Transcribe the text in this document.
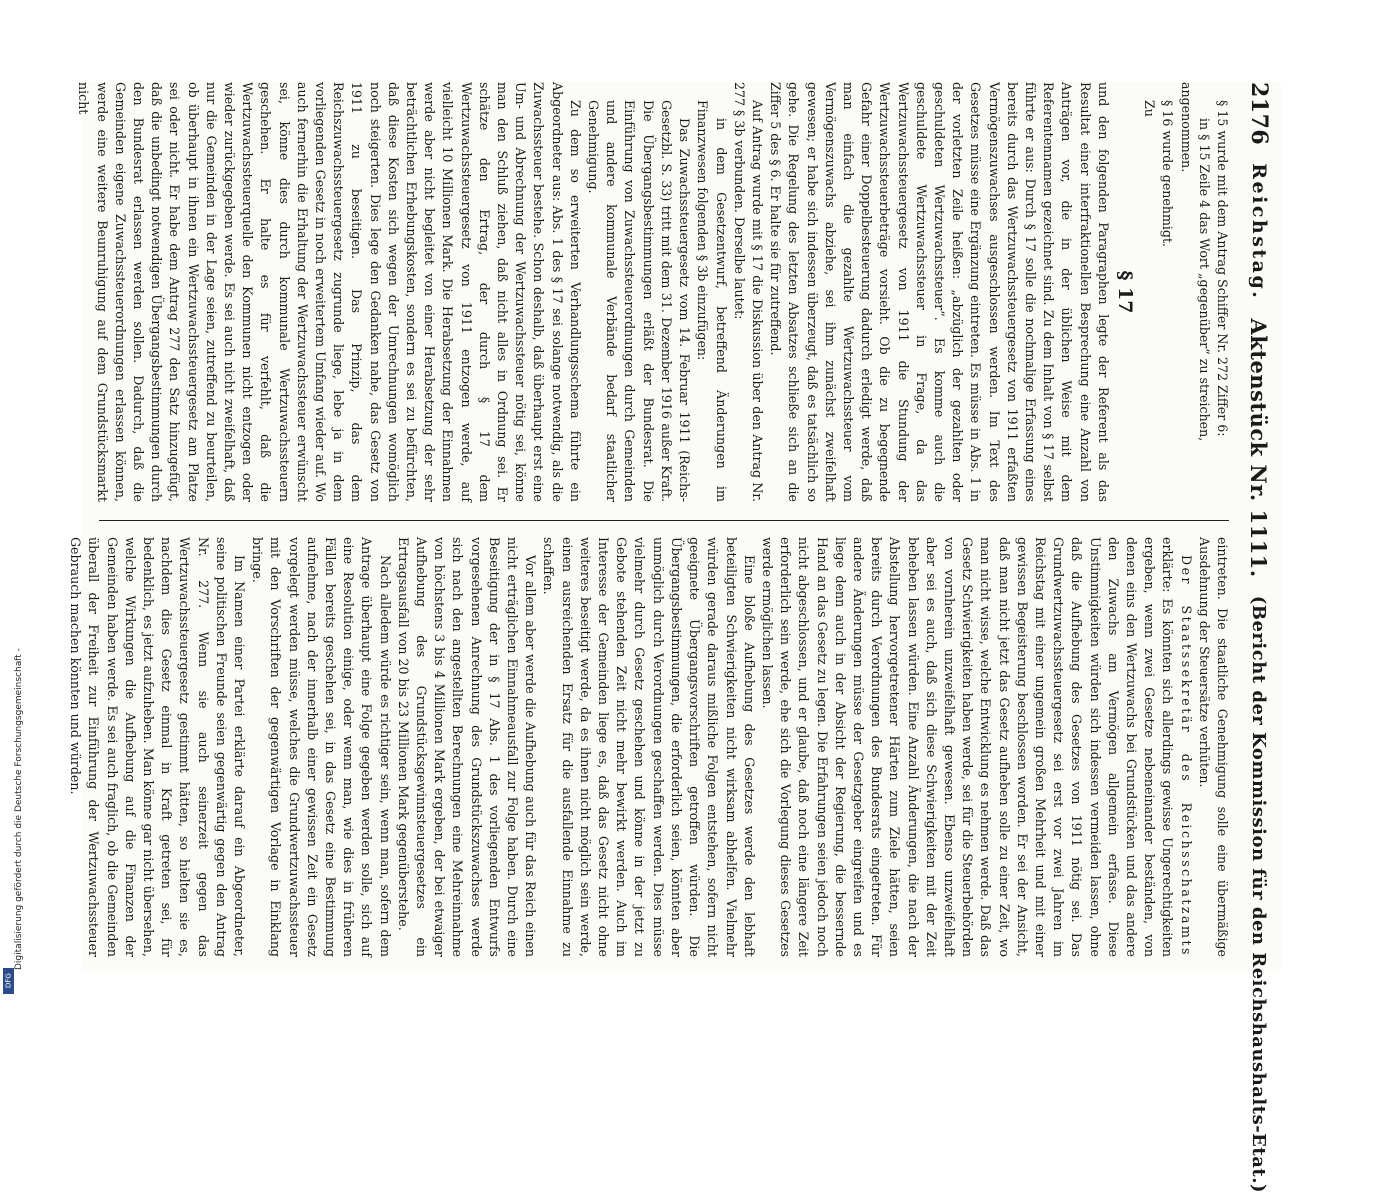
2176
Reichstag.
Aktenstück Nr. 1111.
(Bericht der Kommission für den Reichshaushalts-Etat.)

§ 15 wurde mit dem Antrag Schiffer Nr. 272 Ziffer 6:

in § 15 Zeile 4 das Wort „gegenüber“ zu streichen,

angenommen.

§ 16 wurde genehmigt.

Zu

§ 17

und den folgenden Paragraphen legte der Referent als das Resultat einer interfraktionellen Besprechung eine Anzahl von Anträgen vor, die in der üblichen Weise mit dem Referentennamen gezeichnet sind. Zu dem Inhalt von § 17 selbst führte er aus: Durch § 17 solle die nochmalige Erfassung eines bereits durch das Wertzuwachssteuergesetz von 1911 erfaßten Vermögenszuwachses ausgeschlossen werden. Im Text des Gesetzes müsse eine Ergänzung eintreten. Es müsse in Abs. 1 in der vorletzten Zeile heißen: „abzüglich der gezahlten oder geschuldeten Wertzuwachssteuer“. Es komme auch die geschuldete Wertzuwachssteuer in Frage, da das Wertzuwachssteuergesetz von 1911 die Stundung der Wertzuwachssteuerbeträge vorsieht. Ob die zu begegnende Gefahr einer Doppelbesteuerung dadurch erledigt werde, daß man einfach die gezahlte Wertzuwachssteuer vom Vermögenszuwachs abziehe, sei ihm zunächst zweifelhaft gewesen; er habe sich indessen überzeugt, daß es tatsächlich so gehe. Die Regelung des letzten Absatzes schließe sich an die Ziffer 5 des § 6. Er halte sie für zutreffend.

Auf Antrag wurde mit § 17 die Diskussion über den Antrag Nr. 277 § 3b verbunden. Derselbe lautet:

in dem Gesetzentwurf, betreffend Änderungen im Finanzwesen folgenden § 3b einzufügen:

Das Zuwachssteuergesetz vom 14. Februar 1911 (Reichs-Gesetzbl. S. 33) tritt mit dem 31. Dezember 1916 außer Kraft. Die Übergangsbestimmungen erläßt der Bundesrat. Die Einführung von Zuwachssteuerordnungen durch Gemeinden und andere kommunale Verbände bedarf staatlicher Genehmigung.

Zu dem so erweiterten Verhandlungsschema führte ein Abgeordneter aus: Abs. 1 des § 17 sei solange notwendig, als die Zuwachssteuer bestehe. Schon deshalb, daß überhaupt erst eine Um- und Abrechnung der Wertzuwachssteuer nötig sei, könne man den Schluß ziehen, daß nicht alles in Ordnung sei. Er schätze den Ertrag, der durch § 17 dem Wertzuwachssteuergesetz von 1911 entzogen werde, auf vielleicht 10 Millionen Mark. Die Herabsetzung der Einnahmen werde aber nicht begleitet von einer Herabsetzung der sehr beträchtlichen Erhebungskosten, sondern es sei zu befürchten, daß diese Kosten sich wegen der Umrechnungen womöglich noch steigerten. Dies lege den Gedanken nahe, das Gesetz von 1911 zu beseitigen. Das Prinzip, das dem Reichszuwachssteuergesetz zugrunde liege, lebe ja in dem vorliegenden Gesetz in noch erweitertem Umfang wieder auf. Wo auch fernerhin die Erhaltung der Wertzuwachssteuer erwünscht sei, könne dies durch kommunale Wertzuwachssteuern geschehen. Er halte es für verfehlt, daß die Wertzuwachssteuerquelle den Kommunen nicht entzogen oder wieder zurückgegeben werde. Es sei auch nicht zweifelhaft, daß nur die Gemeinden in der Lage seien, zutreffend zu beurteilen, ob überhaupt in ihnen ein Wertzuwachssteuergesetz am Platze sei oder nicht. Er habe dem Antrag 277 den Satz hinzugefügt, daß die unbedingt notwendigen Übergangsbestimmungen durch den Bundesrat erlassen werden sollen. Dadurch, daß die Gemeinden eigene Zuwachssteuerordnungen erlassen können, werde eine weitere Beunruhigung auf dem Grundstücksmarkt nicht

eintreten. Die staatliche Genehmigung solle eine übermäßige Ausdehnung der Steuersätze verhüten.

Der Staatssekretär des Reichsschatzamts erklärte: Es könnten sich allerdings gewisse Ungerechtigkeiten ergeben, wenn zwei Gesetze nebeneinander beständen, von denen eins den Wertzuwachs bei Grundstücken und das andere den Zuwachs am Vermögen allgemein erfasse. Diese Unstimmigkeiten würden sich indessen vermeiden lassen, ohne daß die Aufhebung des Gesetzes von 1911 nötig sei. Das Grundwertzuwachssteuergesetz sei erst vor zwei Jahren im Reichstag mit einer ungemein großen Mehrheit und mit einer gewissen Begeisterung beschlossen worden. Er sei der Ansicht, daß man nicht jetzt das Gesetz aufheben solle zu einer Zeit, wo man nicht wisse, welche Entwicklung es nehmen werde. Daß das Gesetz Schwierigkeiten haben werde, sei für die Steuerbehörden von vornherein unzweifelhaft gewesen. Ebenso unzweifelhaft aber sei es auch, daß sich diese Schwierigkeiten mit der Zeit beheben lassen würden. Eine Anzahl Änderungen, die nach der Abstellung hervorgetretener Härten zum Ziele hätten, seien bereits durch Verordnungen des Bundesrats eingetreten. Für andere Änderungen müsse der Gesetzgeber eingreifen und es liege denn auch in der Absicht der Regierung, die bessernde Hand an das Gesetz zu legen. Die Erfahrungen seien jedoch noch nicht abgeschlossen, und er glaube, daß noch eine längere Zeit erforderlich sein werde, ehe sich die Vorlegung dieses Gesetzes werde ermöglichen lassen.

Eine bloße Aufhebung des Gesetzes werde den lebhaft beteiligten Schwierigkeiten nicht wirksam abhelfen. Vielmehr würden gerade daraus mißliche Folgen entstehen, sofern nicht geeignete Übergangsvorschriften getroffen würden. Die Übergangsbestimmungen, die erforderlich seien, könnten aber unmöglich durch Verordnungen geschaffen werden. Dies müsse vielmehr durch Gesetz geschehen und könne in der jetzt zu Gebote stehenden Zeit nicht mehr bewirkt werden. Auch im Interesse der Gemeinden liege es, daß das Gesetz nicht ohne weiteres beseitigt werde, da es ihnen nicht möglich sein werde, einen ausreichenden Ersatz für die ausfallende Einnahme zu schaffen.

Vor allem aber werde die Aufhebung auch für das Reich einen nicht erträglichen Einnahmeausfall zur Folge haben. Durch eine Beseitigung der in § 17 Abs. 1 des vorliegenden Entwurfs vorgesehenen Anrechnung des Grundstückszuwachses werde sich nach den angestellten Berechnungen eine Mehreinnahme von höchstens 3 bis 4 Millionen Mark ergeben, der bei etwaiger Aufhebung des Grundstücksgewinnsteuergesetzes ein Ertragsausfall von 20 bis 23 Millionen Mark gegenüberstehe.

Nach alledem würde es richtiger sein, wenn man, sofern dem Antrage überhaupt eine Folge gegeben werden solle, sich auf eine Resolution einige, oder wenn man, wie dies in früheren Fällen bereits geschehen sei, in das Gesetz eine Bestimmung aufnehme, nach der innerhalb einer gewissen Zeit ein Gesetz vorgelegt werden müsse, welches die Grundwertzuwachssteuer mit den Vorschriften der gegenwärtigen Vorlage in Einklang bringe.

Im Namen einer Partei erklärte darauf ein Abgeordneter, seine politischen Freunde seien gegenwärtig gegen den Antrag Nr. 277. Wenn sie auch seinerzeit gegen das Wertzuwachssteuergesetz gestimmt hätten, so hielten sie es, nachdem dies Gesetz einmal in Kraft getreten sei, für bedenklich, es jetzt aufzuheben. Man könne gar nicht übersehen, welche Wirkungen die Aufhebung auf die Finanzen der Gemeinden haben werde. Es sei auch fraglich, ob die Gemeinden überall der Freiheit zur Einführung der Wertzuwachssteuer Gebrauch machen könnten und würden.

DFG
Digitalisierung gefördert durch die Deutsche Forschungsgemeinschaft -
